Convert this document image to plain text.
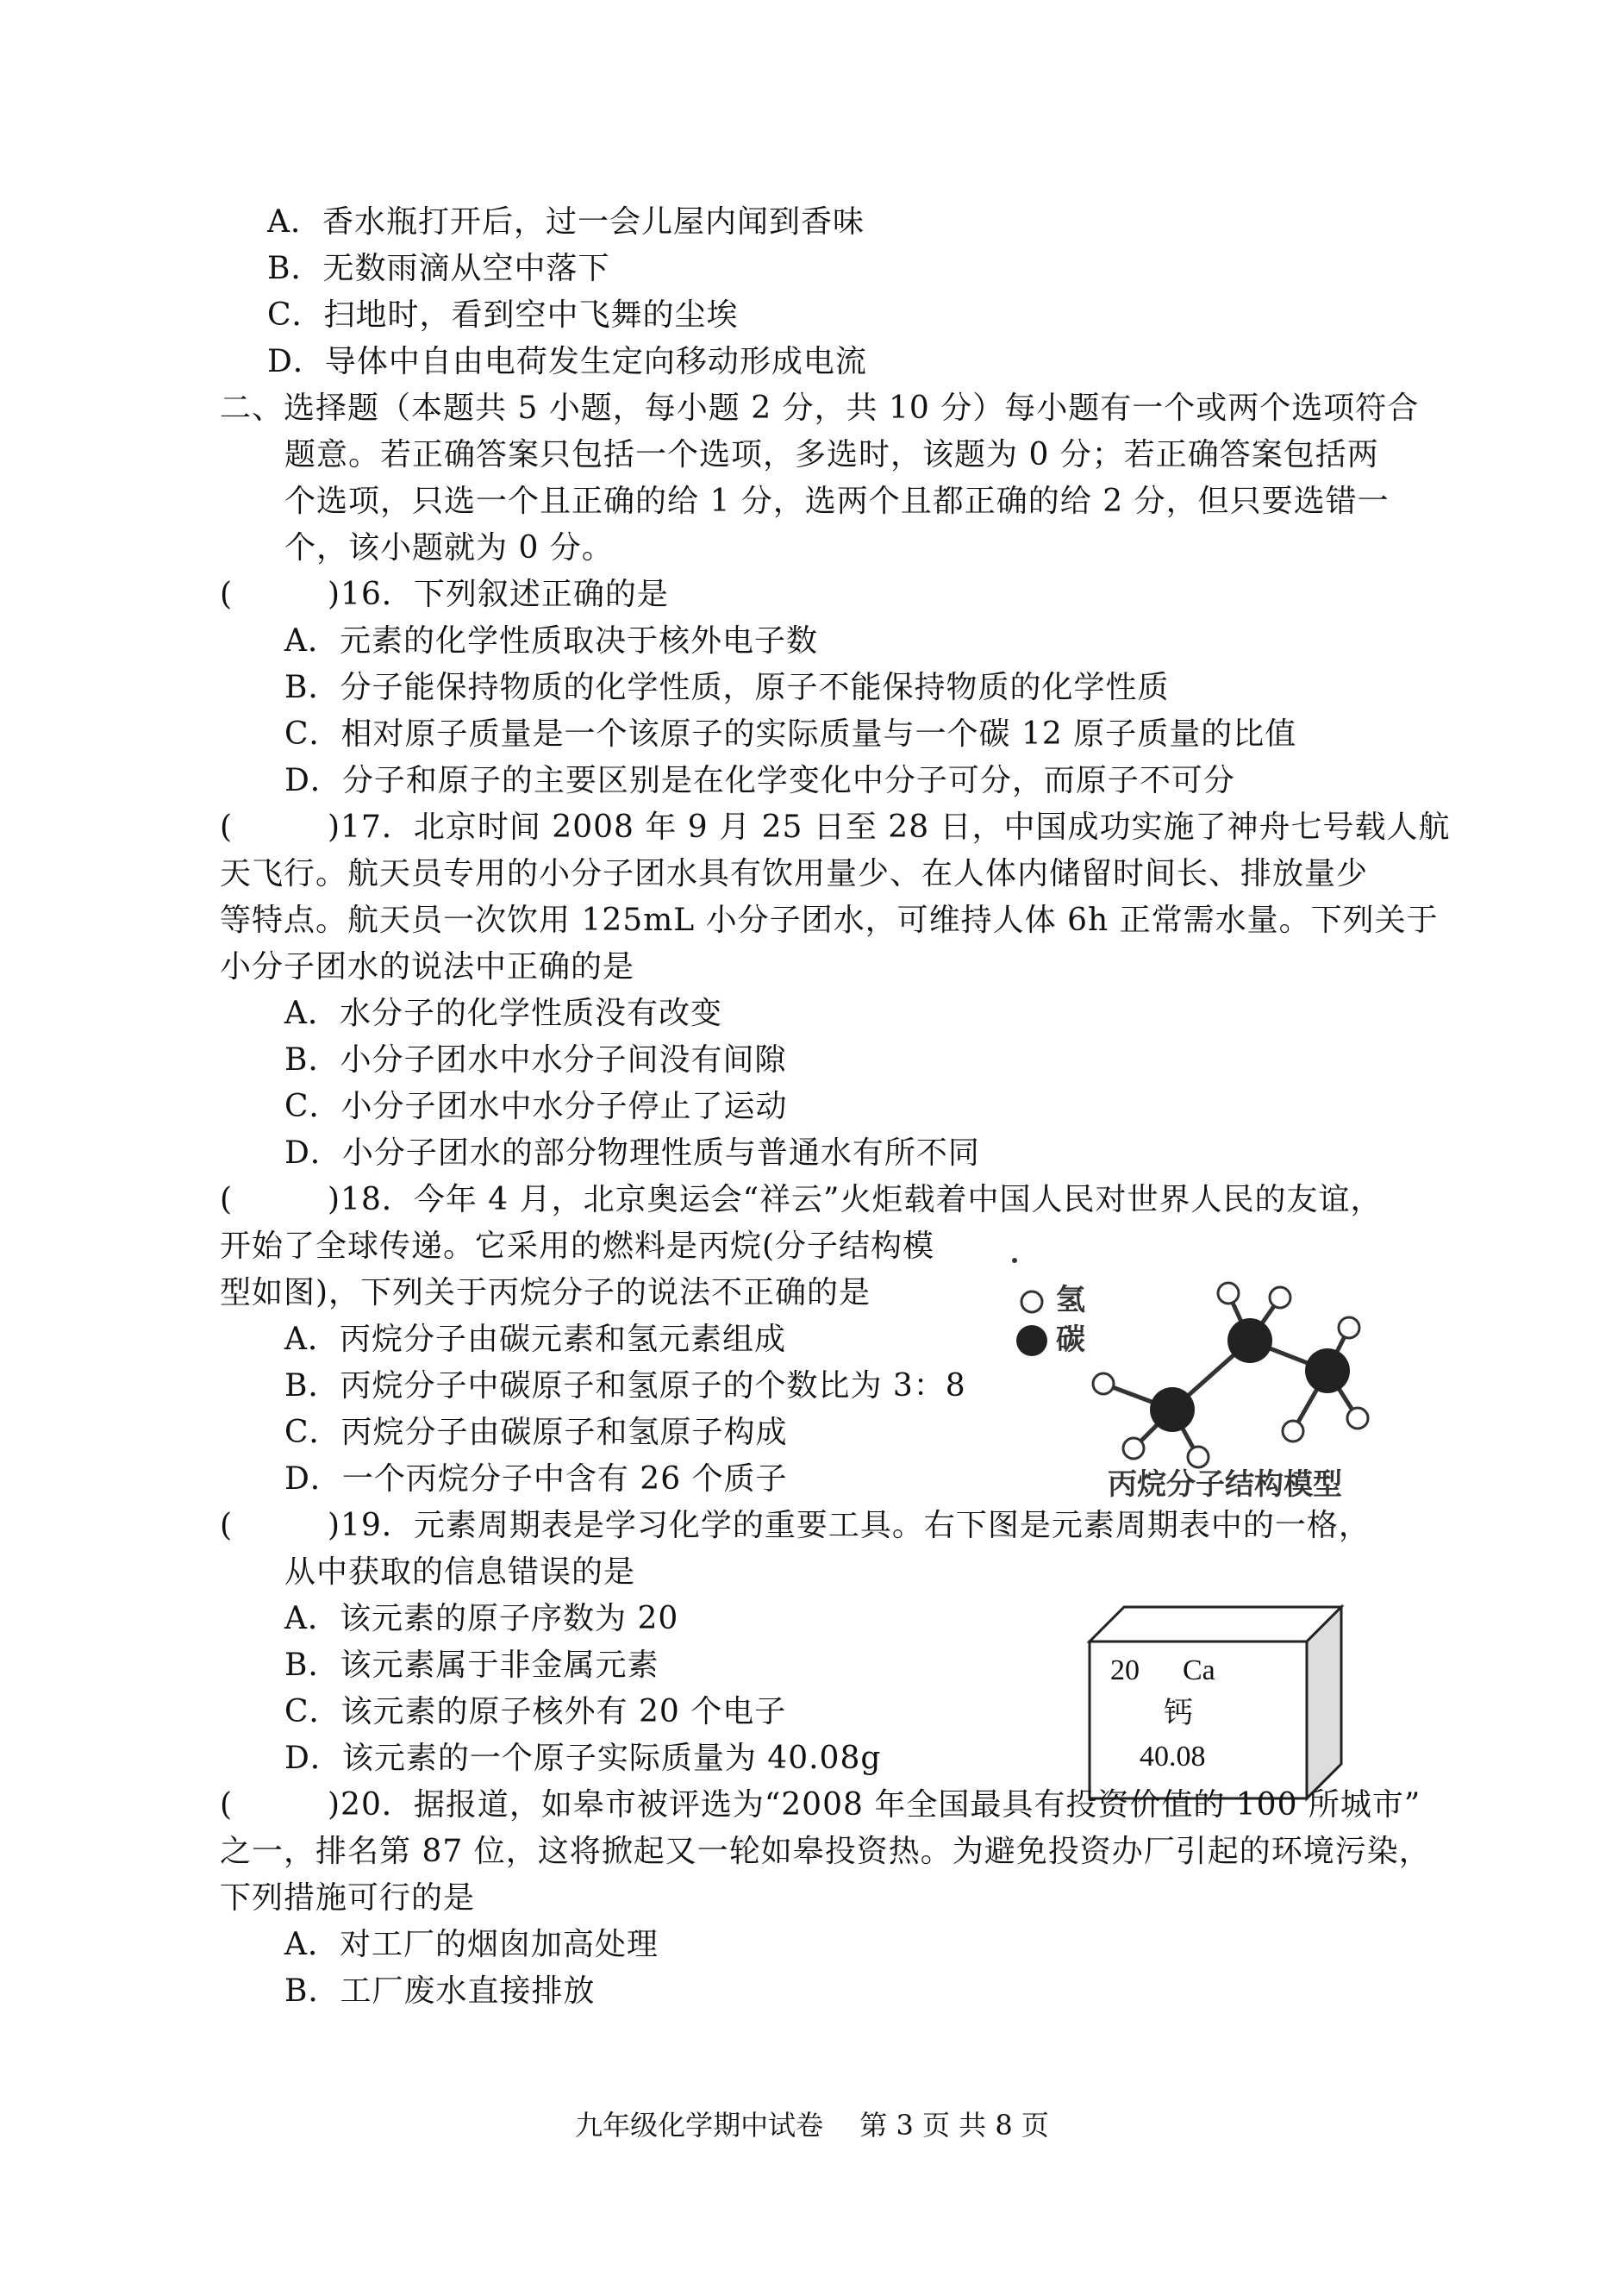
A．香水瓶打开后，过一会儿屋内闻到香味
B．无数雨滴从空中落下
C．扫地时，看到空中飞舞的尘埃
D．导体中自由电荷发生定向移动形成电流
二、选择题（本题共 5 小题，每小题 2 分，共 10 分）每小题有一个或两个选项符合
题意。若正确答案只包括一个选项，多选时，该题为 0 分；若正确答案包括两
个选项，只选一个且正确的给 1 分，选两个且都正确的给 2 分，但只要选错一
个，该小题就为 0 分。
(	)16．下列叙述正确的是
A．元素的化学性质取决于核外电子数
B．分子能保持物质的化学性质，原子不能保持物质的化学性质
C．相对原子质量是一个该原子的实际质量与一个碳 12 原子质量的比值
D．分子和原子的主要区别是在化学变化中分子可分，而原子不可分
(	)17．北京时间 2008 年 9 月 25 日至 28 日，中国成功实施了神舟七号载人航
天飞行。航天员专用的小分子团水具有饮用量少、在人体内储留时间长、排放量少
等特点。航天员一次饮用 125mL 小分子团水，可维持人体 6h 正常需水量。下列关于
小分子团水的说法中正确的是
A．水分子的化学性质没有改变
B．小分子团水中水分子间没有间隙
C．小分子团水中水分子停止了运动
D．小分子团水的部分物理性质与普通水有所不同
(	)18．今年 4 月，北京奥运会“祥云”火炬载着中国人民对世界人民的友谊，
开始了全球传递。它采用的燃料是丙烷(分子结构模
型如图)，下列关于丙烷分子的说法不正确的是
A．丙烷分子由碳元素和氢元素组成
B．丙烷分子中碳原子和氢原子的个数比为 3：8
C．丙烷分子由碳原子和氢原子构成
D．一个丙烷分子中含有 26 个质子
氢
碳
丙烷分子结构模型
(	)19．元素周期表是学习化学的重要工具。右下图是元素周期表中的一格，
从中获取的信息错误的是
A．该元素的原子序数为 20
B．该元素属于非金属元素
C．该元素的原子核外有 20 个电子
D．该元素的一个原子实际质量为 40.08g
20 Ca
钙
40.08
(	)20．据报道，如皋市被评选为“2008 年全国最具有投资价值的 100 所城市”
之一，排名第 87 位，这将掀起又一轮如皋投资热。为避免投资办厂引起的环境污染，
下列措施可行的是
A．对工厂的烟囱加高处理
B．工厂废水直接排放
九年级化学期中试卷　 第 3 页 共 8 页
